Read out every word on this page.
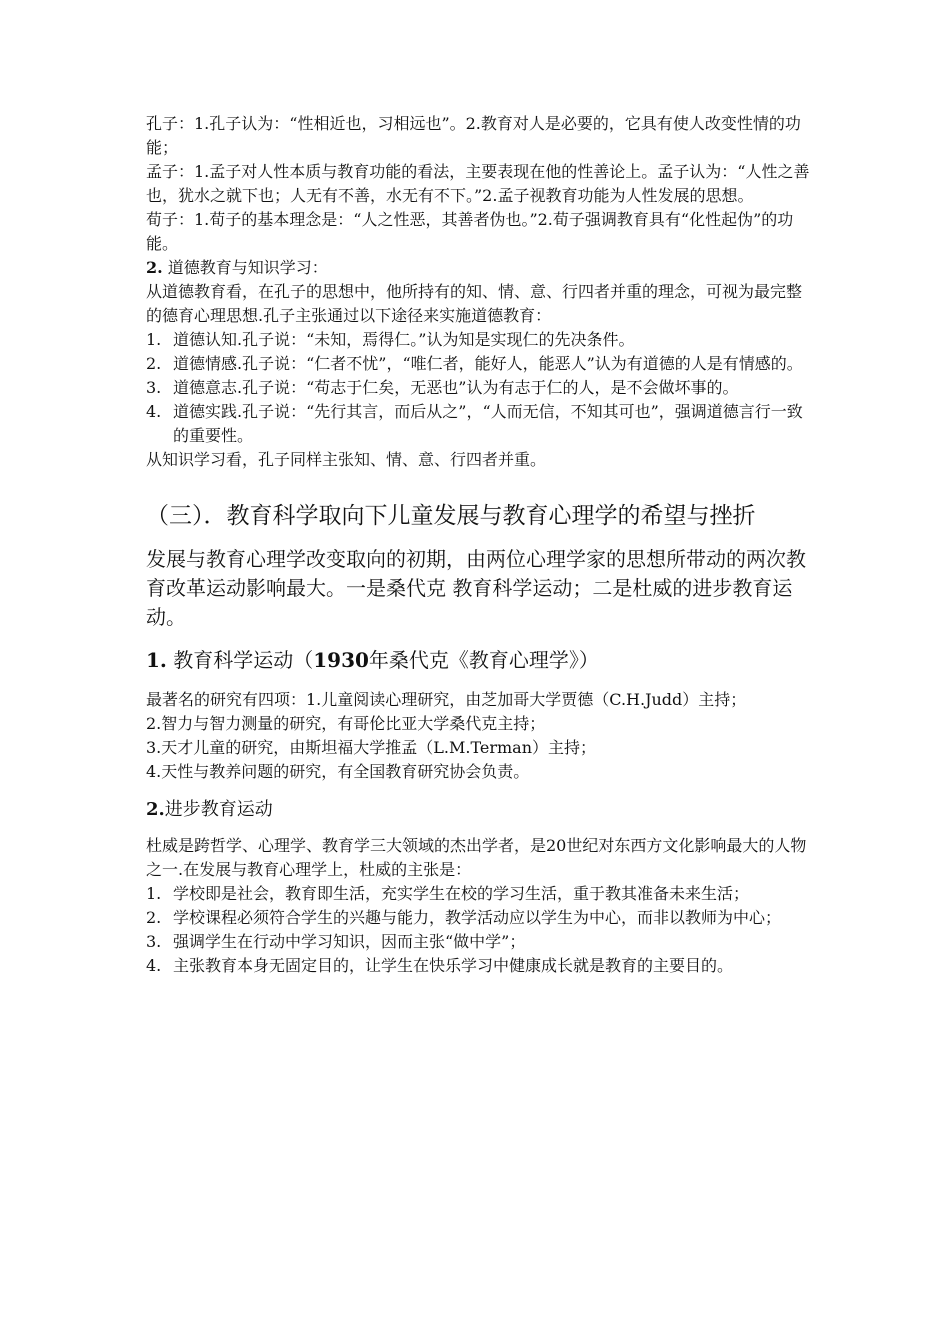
孔子：1.孔子认为：“性相近也，习相远也”。2.教育对人是必要的，它具有使人改变性情的功能；

孟子：1.孟子对人性本质与教育功能的看法，主要表现在他的性善论上。孟子认为：“人性之善也，犹水之就下也；人无有不善，水无有不下。”2.孟子视教育功能为人性发展的思想。

荀子：1.荀子的基本理念是：“人之性恶，其善者伪也。”2.荀子强调教育具有“化性起伪”的功能。

2. 道德教育与知识学习：

从道德教育看，在孔子的思想中，他所持有的知、情、意、行四者并重的理念，可视为最完整的德育心理思想.孔子主张通过以下途径来实施道德教育：

1. 道德认知.孔子说：“未知，焉得仁。”认为知是实现仁的先决条件。
2. 道德情感.孔子说：“仁者不忧”，“唯仁者，能好人，能恶人”认为有道德的人是有情感的。
3. 道德意志.孔子说：“苟志于仁矣，无恶也”认为有志于仁的人，是不会做坏事的。
4. 道德实践.孔子说：“先行其言，而后从之”，“人而无信，不知其可也”，强调道德言行一致的重要性。

从知识学习看，孔子同样主张知、情、意、行四者并重。

（三）．教育科学取向下儿童发展与教育心理学的希望与挫折

发展与教育心理学改变取向的初期，由两位心理学家的思想所带动的两次教育改革运动影响最大。一是桑代克 教育科学运动；二是杜威的进步教育运动。

1. 教育科学运动（1930年桑代克《教育心理学》）

最著名的研究有四项：1.儿童阅读心理研究，由芝加哥大学贾德（C.H.Judd）主持；

2.智力与智力测量的研究，有哥伦比亚大学桑代克主持；

3.天才儿童的研究，由斯坦福大学推孟（L.M.Terman）主持；

4.天性与教养问题的研究，有全国教育研究协会负责。

2.进步教育运动

杜威是跨哲学、心理学、教育学三大领域的杰出学者，是20世纪对东西方文化影响最大的人物之一.在发展与教育心理学上，杜威的主张是：

1. 学校即是社会，教育即生活，充实学生在校的学习生活，重于教其准备未来生活；
2. 学校课程必须符合学生的兴趣与能力，教学活动应以学生为中心，而非以教师为中心；
3. 强调学生在行动中学习知识，因而主张“做中学”；
4. 主张教育本身无固定目的，让学生在快乐学习中健康成长就是教育的主要目的。
